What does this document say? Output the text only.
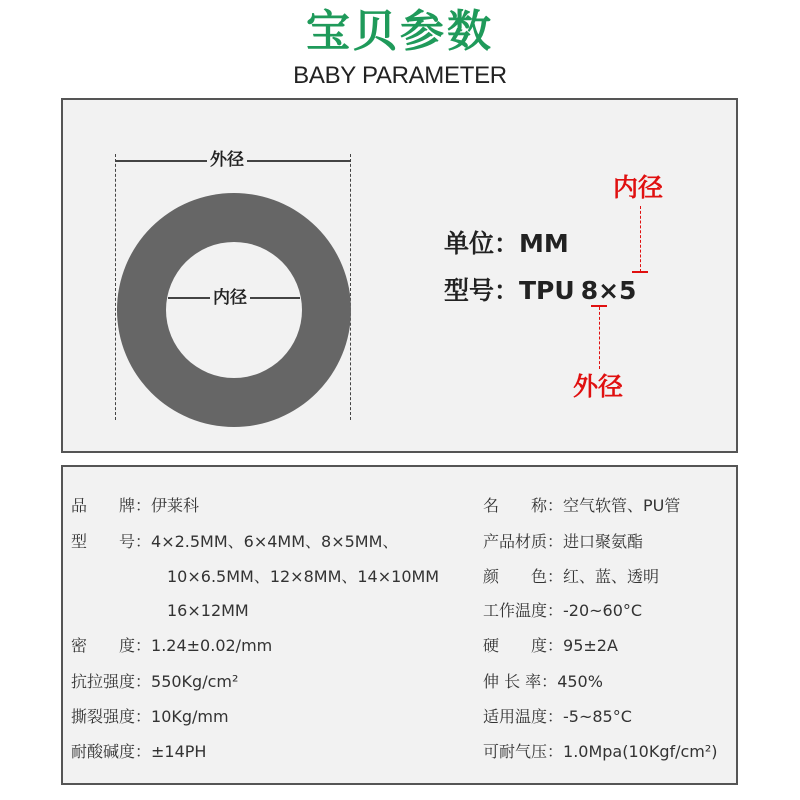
宝贝参数
BABY PARAMETER
外径
内径
单位：MM
型号：TPU 8×5
内径
外径
品　　牌：伊莱科
型　　号：4×2.5MM、6×4MM、8×5MM、
10×6.5MM、12×8MM、14×10MM
16×12MM
密　　度：1.24±0.02/mm
抗拉强度：550Kg/cm²
撕裂强度：10Kg/mm
耐酸碱度：±14PH
名　　称：空气软管、PU管
产品材质：进口聚氨酯
颜　　色：红、蓝、透明
工作温度：-20~60°C
硬　　度：95±2A
伸 长 率：450%
适用温度：-5~85°C
可耐气压：1.0Mpa(10Kgf/cm²)
